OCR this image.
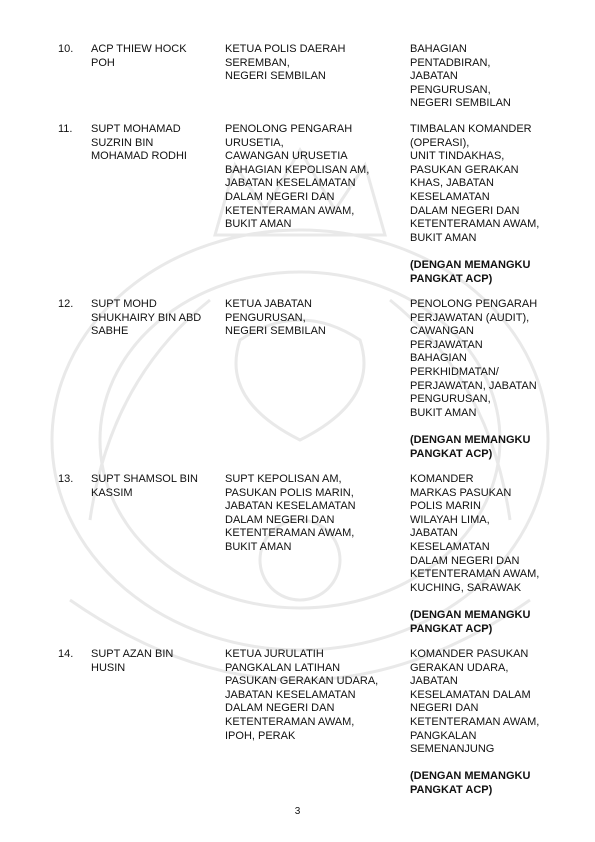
10. ACP THIEW HOCK
POH
KETUA POLIS DAERAH
SEREMBAN,
NEGERI SEMBILAN
BAHAGIAN
PENTADBIRAN,
JABATAN
PENGURUSAN,
NEGERI SEMBILAN
11. SUPT MOHAMAD
SUZRIN BIN
MOHAMAD RODHI
PENOLONG PENGARAH
URUSETIA,
CAWANGAN URUSETIA
BAHAGIAN KEPOLISAN AM,
JABATAN KESELAMATAN
DALAM NEGERI DAN
KETENTERAMAN AWAM,
BUKIT AMAN
TIMBALAN KOMANDER
(OPERASI),
UNIT TINDAKHAS,
PASUKAN GERAKAN
KHAS, JABATAN
KESELAMATAN
DALAM NEGERI DAN
KETENTERAMAN AWAM,
BUKIT AMAN
(DENGAN MEMANGKU
PANGKAT ACP)
12. SUPT MOHD
SHUKHAIRY BIN ABD
SABHE
KETUA JABATAN
PENGURUSAN,
NEGERI SEMBILAN
PENOLONG PENGARAH
PERJAWATAN (AUDIT),
CAWANGAN
PERJAWATAN
BAHAGIAN
PERKHIDMATAN/
PERJAWATAN, JABATAN
PENGURUSAN,
BUKIT AMAN
(DENGAN MEMANGKU
PANGKAT ACP)
13. SUPT SHAMSOL BIN
KASSIM
SUPT KEPOLISAN AM,
PASUKAN POLIS MARIN,
JABATAN KESELAMATAN
DALAM NEGERI DAN
KETENTERAMAN AWAM,
BUKIT AMAN
KOMANDER
MARKAS PASUKAN
POLIS MARIN
WILAYAH LIMA,
JABATAN
KESELAMATAN
DALAM NEGERI DAN
KETENTERAMAN AWAM,
KUCHING, SARAWAK
(DENGAN MEMANGKU
PANGKAT ACP)
14. SUPT AZAN BIN
HUSIN
KETUA JURULATIH
PANGKALAN LATIHAN
PASUKAN GERAKAN UDARA,
JABATAN KESELAMATAN
DALAM NEGERI DAN
KETENTERAMAN AWAM,
IPOH, PERAK
KOMANDER PASUKAN
GERAKAN UDARA,
JABATAN
KESELAMATAN DALAM
NEGERI DAN
KETENTERAMAN AWAM,
PANGKALAN
SEMENANJUNG
(DENGAN MEMANGKU
PANGKAT ACP)
3
